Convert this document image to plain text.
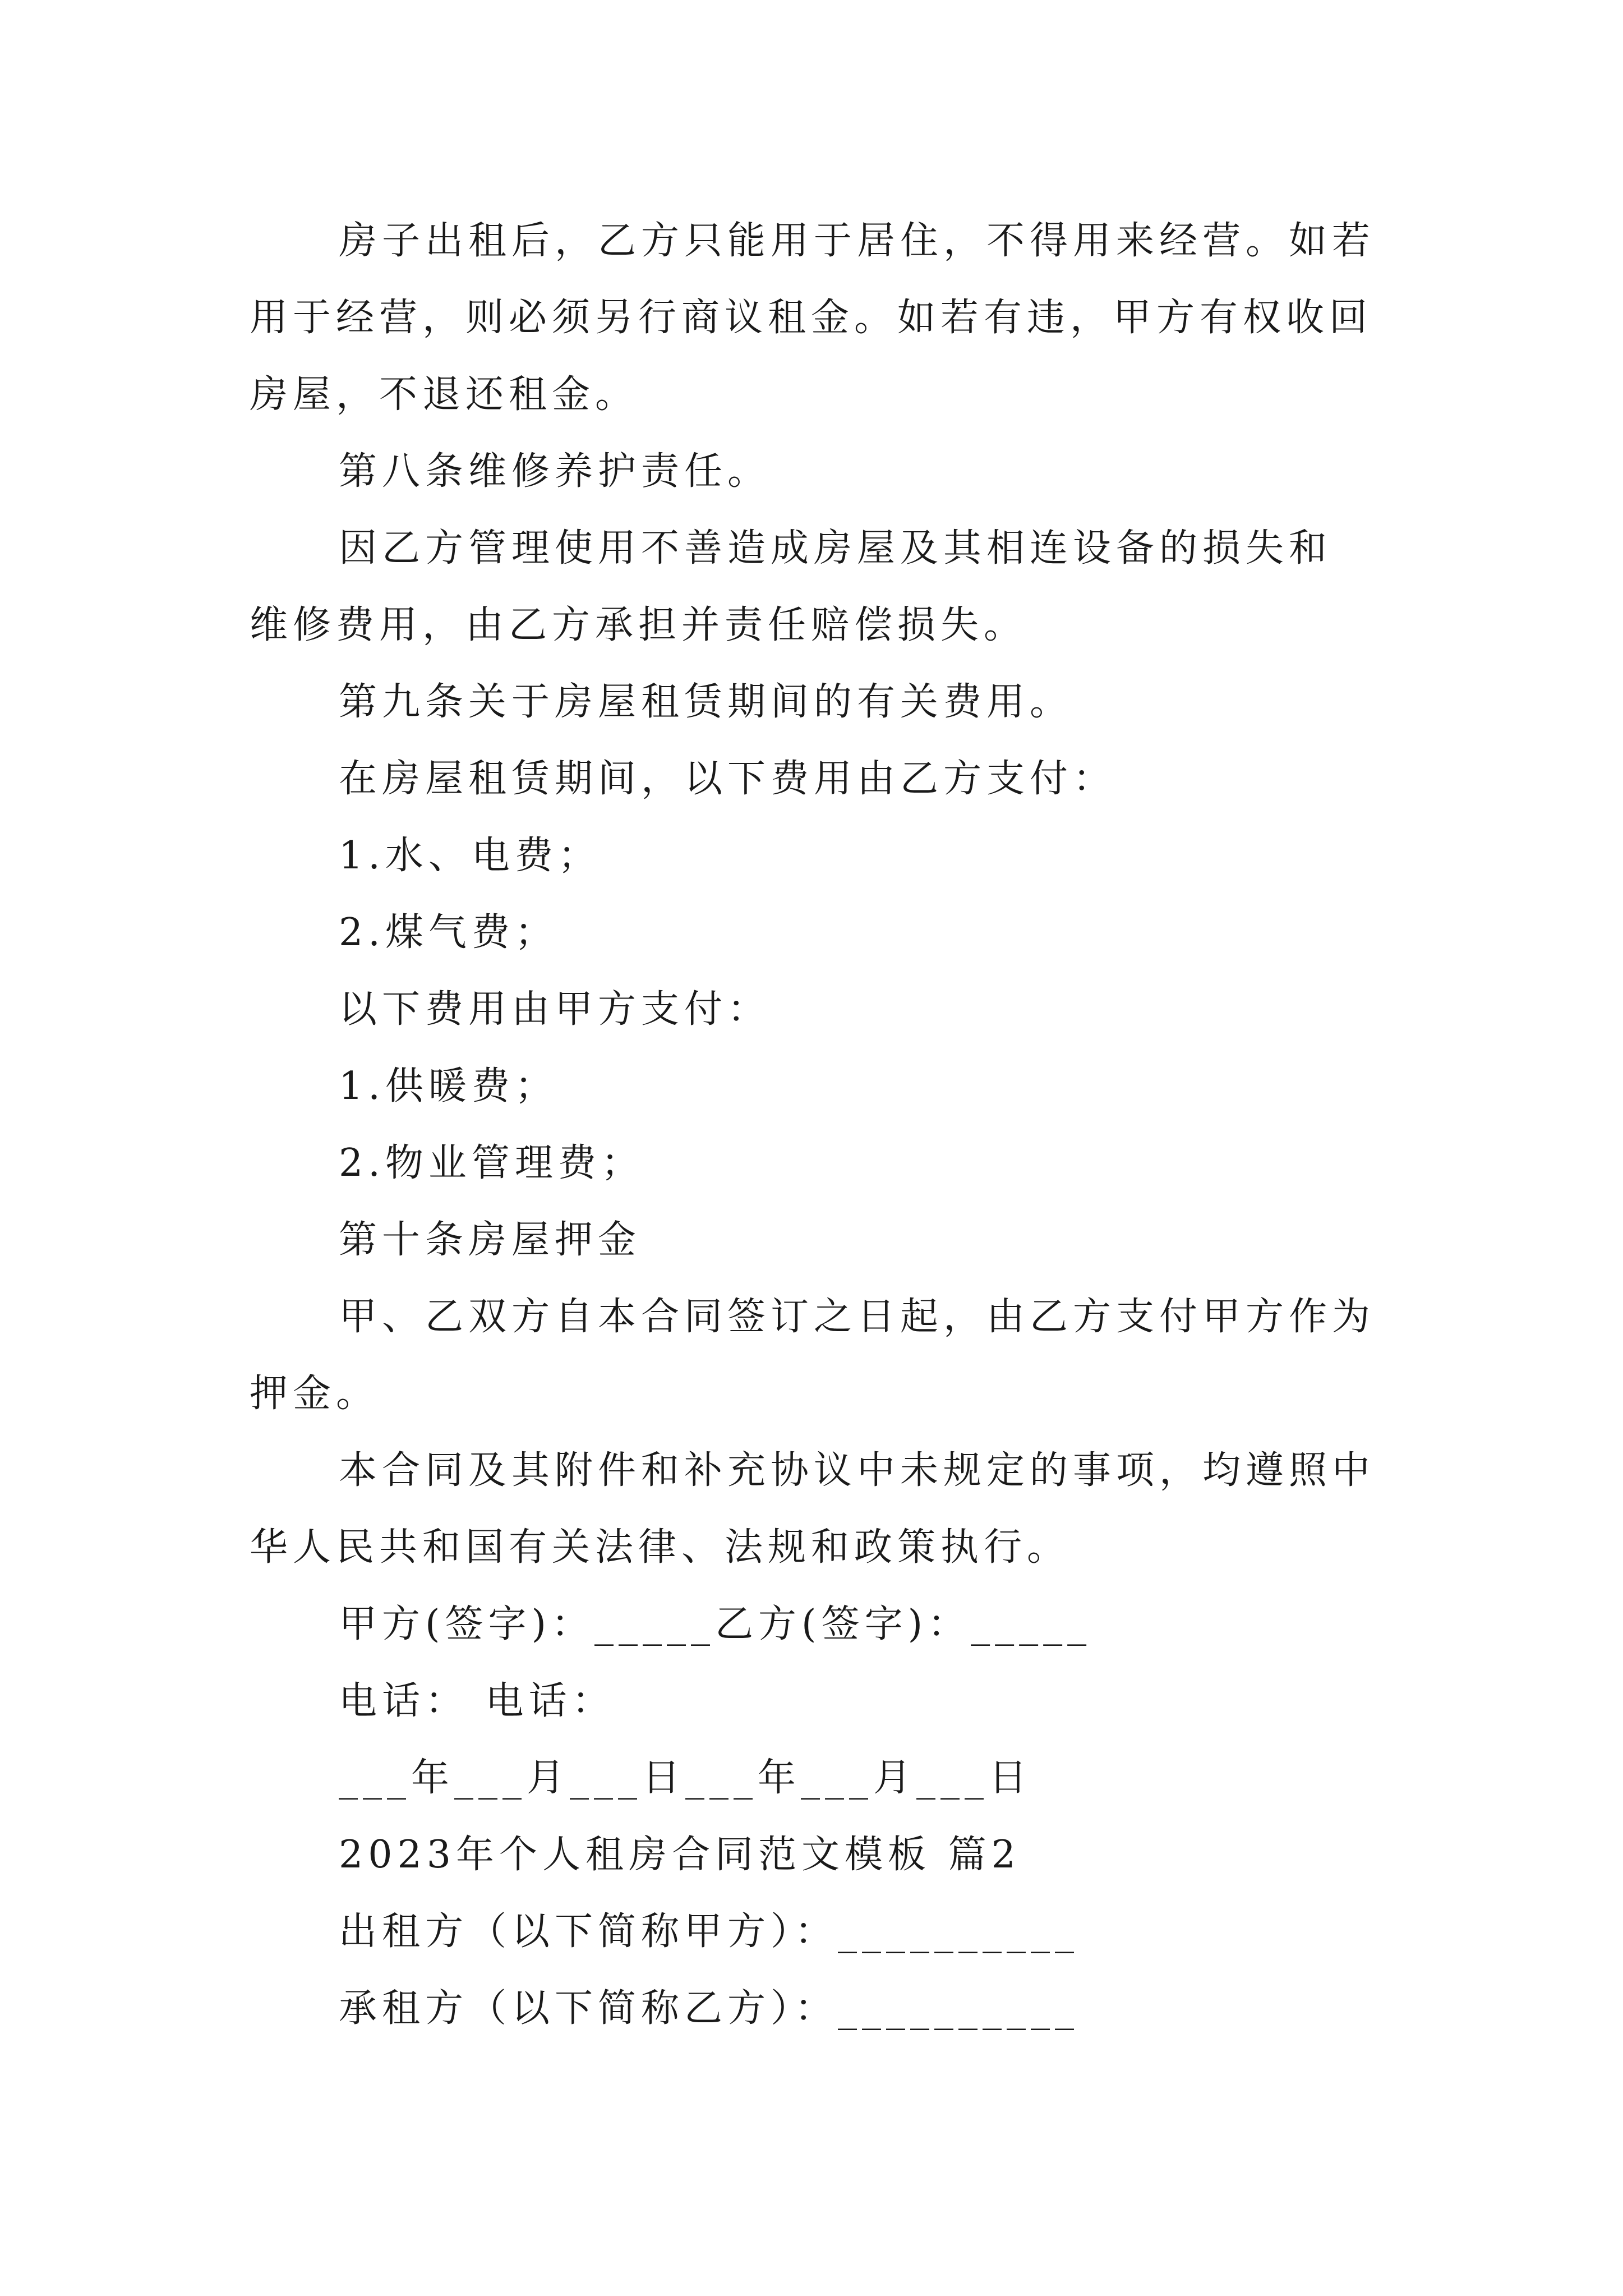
房子出租后，乙方只能用于居住，不得用来经营。如若

用于经营，则必须另行商议租金。如若有违，甲方有权收回

房屋，不退还租金。

第八条维修养护责任。

因乙方管理使用不善造成房屋及其相连设备的损失和

维修费用，由乙方承担并责任赔偿损失。

第九条关于房屋租赁期间的有关费用。

在房屋租赁期间，以下费用由乙方支付：

1.水、电费；

2.煤气费；

以下费用由甲方支付：

1.供暖费；

2.物业管理费；

第十条房屋押金

甲、乙双方自本合同签订之日起，由乙方支付甲方作为

押金。

本合同及其附件和补充协议中未规定的事项，均遵照中

华人民共和国有关法律、法规和政策执行。

甲方(签字)：_____乙方(签字)：_____

电话： 电话：

___年___月___日___年___月___日

2023年个人租房合同范文模板 篇2

出租方（以下简称甲方）：__________

承租方（以下简称乙方）：__________
